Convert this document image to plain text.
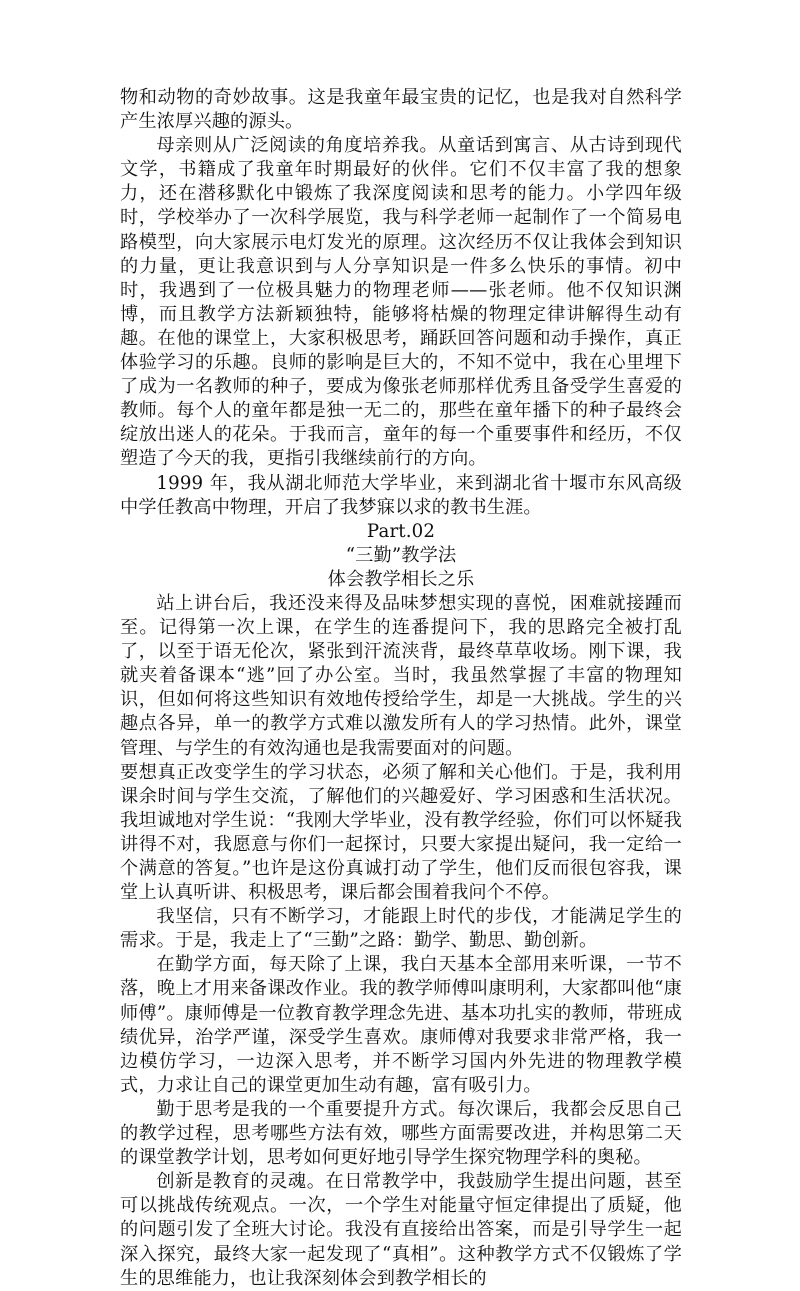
物和动物的奇妙故事。这是我童年最宝贵的记忆，也是我对自然科学产生浓厚兴趣的源头。

母亲则从广泛阅读的角度培养我。从童话到寓言、从古诗到现代文学，书籍成了我童年时期最好的伙伴。它们不仅丰富了我的想象力，还在潜移默化中锻炼了我深度阅读和思考的能力。小学四年级时，学校举办了一次科学展览，我与科学老师一起制作了一个简易电路模型，向大家展示电灯发光的原理。这次经历不仅让我体会到知识的力量，更让我意识到与人分享知识是一件多么快乐的事情。初中时，我遇到了一位极具魅力的物理老师——张老师。他不仅知识渊博，而且教学方法新颖独特，能够将枯燥的物理定律讲解得生动有趣。在他的课堂上，大家积极思考，踊跃回答问题和动手操作，真正体验学习的乐趣。良师的影响是巨大的，不知不觉中，我在心里埋下了成为一名教师的种子，要成为像张老师那样优秀且备受学生喜爱的教师。每个人的童年都是独一无二的，那些在童年播下的种子最终会绽放出迷人的花朵。于我而言，童年的每一个重要事件和经历，不仅塑造了今天的我，更指引我继续前行的方向。

1999 年，我从湖北师范大学毕业，来到湖北省十堰市东风高级中学任教高中物理，开启了我梦寐以求的教书生涯。

Part.02

“三勤”教学法

体会教学相长之乐

站上讲台后，我还没来得及品味梦想实现的喜悦，困难就接踵而至。记得第一次上课，在学生的连番提问下，我的思路完全被打乱了，以至于语无伦次，紧张到汗流浃背，最终草草收场。刚下课，我就夹着备课本“逃”回了办公室。当时，我虽然掌握了丰富的物理知识，但如何将这些知识有效地传授给学生，却是一大挑战。学生的兴趣点各异，单一的教学方式难以激发所有人的学习热情。此外，课堂管理、与学生的有效沟通也是我需要面对的问题。

要想真正改变学生的学习状态，必须了解和关心他们。于是，我利用课余时间与学生交流，了解他们的兴趣爱好、学习困惑和生活状况。我坦诚地对学生说：“我刚大学毕业，没有教学经验，你们可以怀疑我讲得不对，我愿意与你们一起探讨，只要大家提出疑问，我一定给一个满意的答复。”也许是这份真诚打动了学生，他们反而很包容我，课堂上认真听讲、积极思考，课后都会围着我问个不停。

我坚信，只有不断学习，才能跟上时代的步伐，才能满足学生的需求。于是，我走上了“三勤”之路：勤学、勤思、勤创新。

在勤学方面，每天除了上课，我白天基本全部用来听课，一节不落，晚上才用来备课改作业。我的教学师傅叫康明利，大家都叫他“康师傅”。康师傅是一位教育教学理念先进、基本功扎实的教师，带班成绩优异，治学严谨，深受学生喜欢。康师傅对我要求非常严格，我一边模仿学习，一边深入思考，并不断学习国内外先进的物理教学模式，力求让自己的课堂更加生动有趣，富有吸引力。

勤于思考是我的一个重要提升方式。每次课后，我都会反思自己的教学过程，思考哪些方法有效，哪些方面需要改进，并构思第二天的课堂教学计划，思考如何更好地引导学生探究物理学科的奥秘。

创新是教育的灵魂。在日常教学中，我鼓励学生提出问题，甚至可以挑战传统观点。一次，一个学生对能量守恒定律提出了质疑，他的问题引发了全班大讨论。我没有直接给出答案，而是引导学生一起深入探究，最终大家一起发现了“真相”。这种教学方式不仅锻炼了学生的思维能力，也让我深刻体会到教学相长的
